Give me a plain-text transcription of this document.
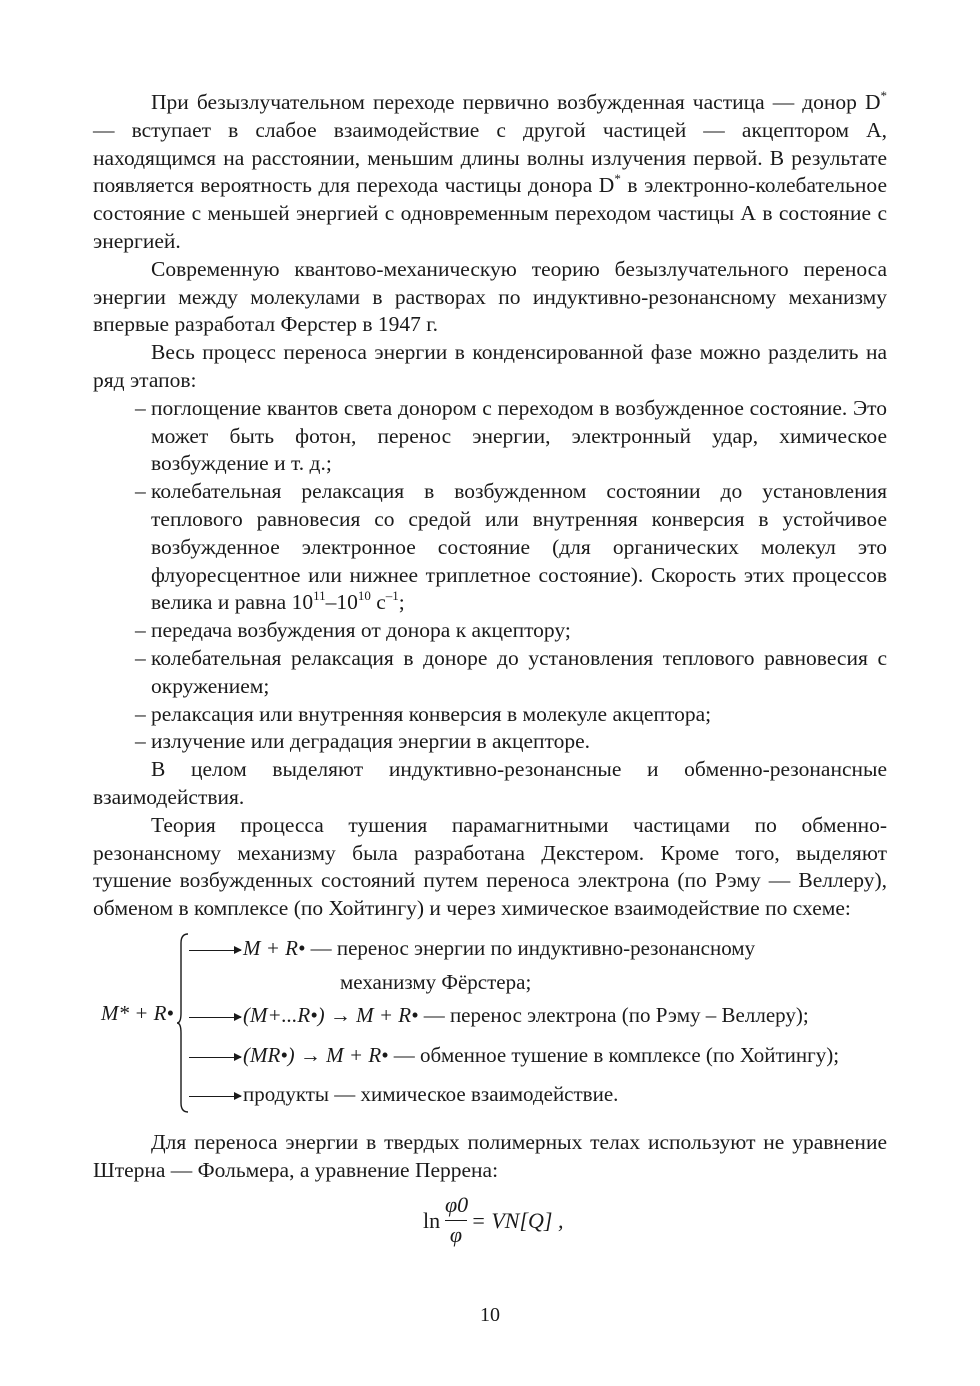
При безызлучательном переходе первично возбужденная частица — донор D* — вступает в слабое взаимодействие с другой частицей — акцептором А, находящимся на расстоянии, меньшим длины волны излучения первой. В результате появляется вероятность для перехода частицы донора D* в электронно-колебательное состояние с меньшей энергией с одновременным переходом частицы А в состояние с энергией.

Современную квантово-механическую теорию безызлучательного переноса энергии между молекулами в растворах по индуктивно-резонансному механизму впервые разработал Ферстер в 1947 г.

Весь процесс переноса энергии в конденсированной фазе можно разделить на ряд этапов:

– поглощение квантов света донором с переходом в возбужденное состояние. Это может быть фотон, перенос энергии, электронный удар, химическое возбуждение и т. д.;
– колебательная релаксация в возбужденном состоянии до установления теплового равновесия со средой или внутренняя конверсия в устойчивое возбужденное электронное состояние (для органических молекул это флуоресцентное или нижнее триплетное состояние). Скорость этих процессов велика и равна $10^{11}-10^{10}$ $с^{-1}$;
– передача возбуждения от донора к акцептору;
– колебательная релаксация в доноре до установления теплового равновесия с окружением;
– релаксация или внутренняя конверсия в молекуле акцептора;
– излучение или деградация энергии в акцепторе.

В целом выделяют индуктивно-резонансные и обменно-резонансные взаимодействия.

Теория процесса тушения парамагнитными частицами по обменно-резонансному механизму была разработана Декстером. Кроме того, выделяют тушение возбужденных состояний путем переноса электрона (по Рэму — Веллеру), обменом в комплексе (по Хойтингу) и через химическое взаимодействие по схеме:

M* + R•
M + R• — перенос энергии по индуктивно-резонансному
механизму Фёрстера;
(M+...R•) → M + R• — перенос электрона (по Рэму – Веллеру);
(MR•) → M + R• — обменное тушение в комплексе (по Хойтингу);
продукты — химическое взаимодействие.

Для переноса энергии в твердых полимерных телах используют не уравнение Штерна — Фольмера, а уравнение Перрена:

ln
φ0
φ
= VN[Q] ,
10
